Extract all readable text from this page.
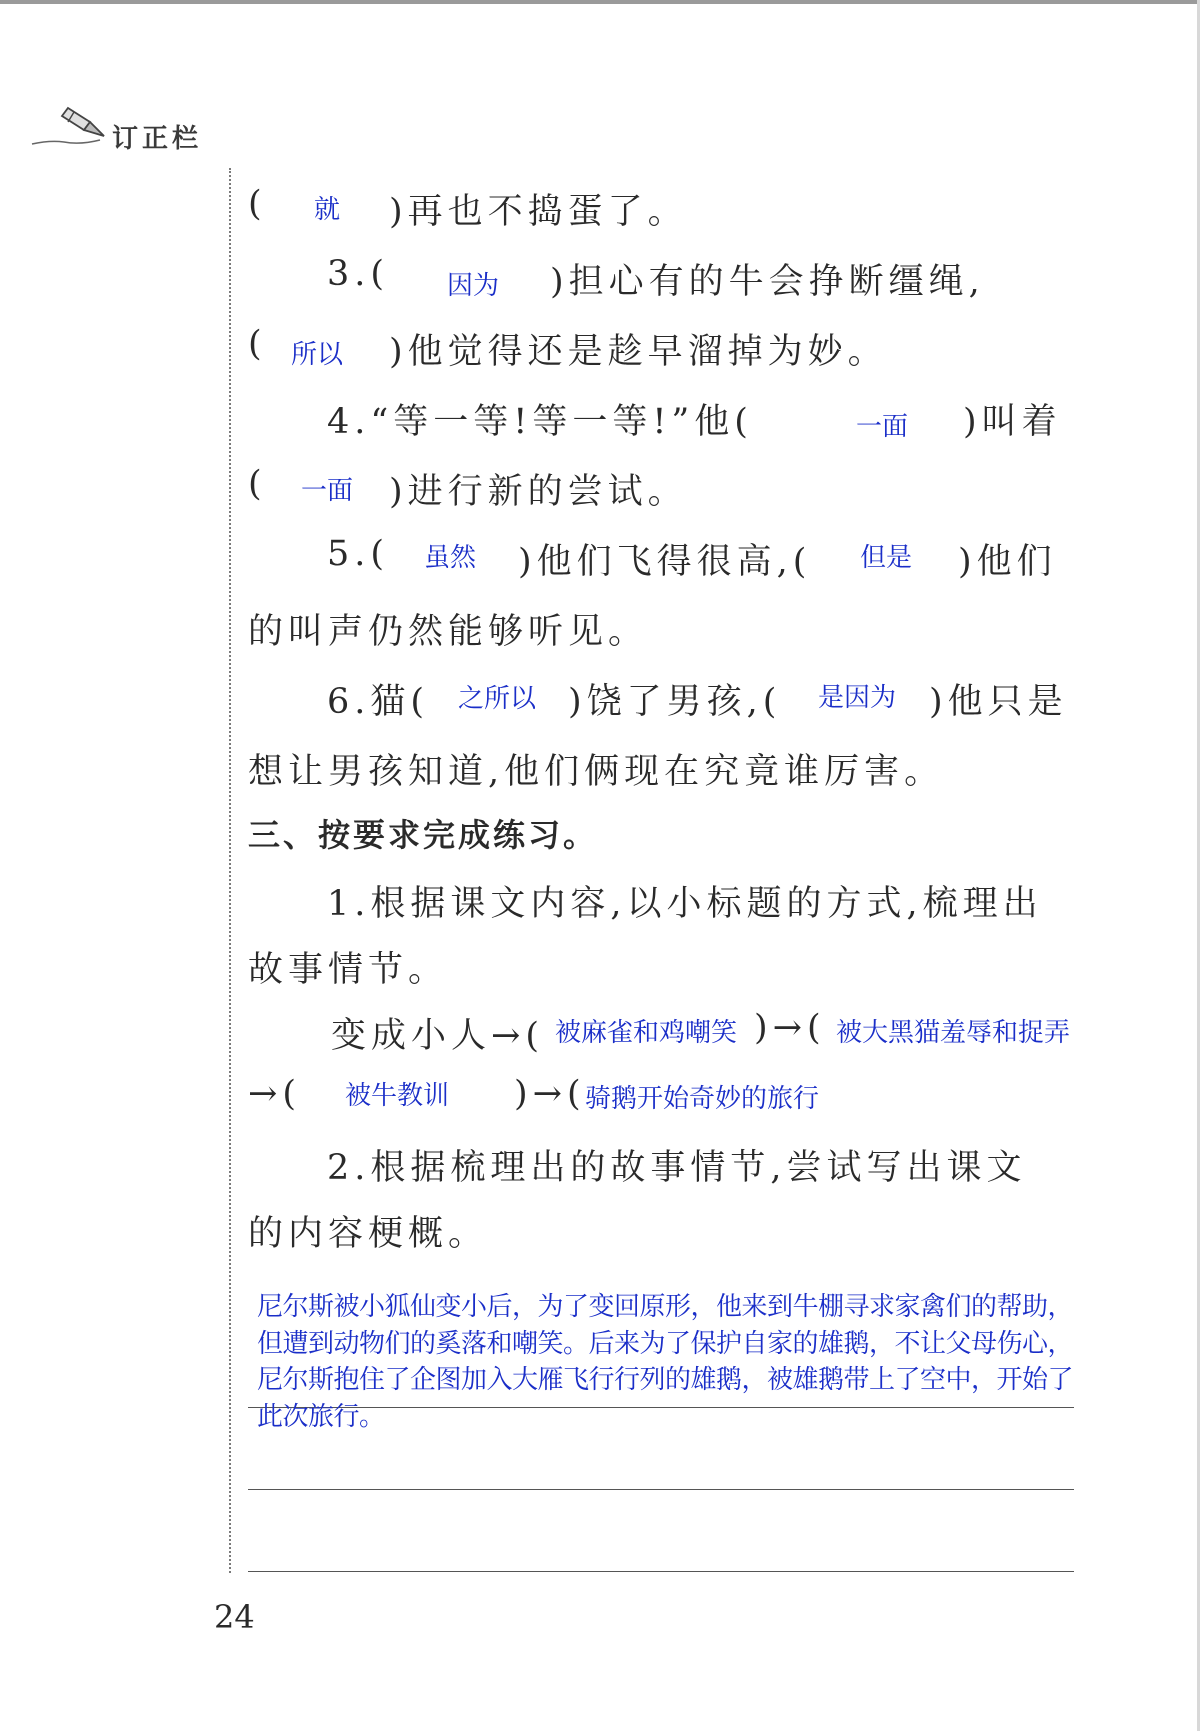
订正栏
( 就 )再也不捣蛋了。
3.( 因为 )担心有的牛会挣断缰绳,
( 所以 )他觉得还是趁早溜掉为妙。
4.“等一等!等一等!”他(	一面 )叫着
( 一面 )进行新的尝试。
5.( 虽然 )他们飞得很高,( 但是 )他们
的叫声仍然能够听见。
6.猫( 之所以 )饶了男孩,( 是因为 )他只是
想让男孩知道,他们俩现在究竟谁厉害。
三、按要求完成练习。
1.根据课文内容,以小标题的方式,梳理出
故事情节。
变成小人→( 被麻雀和鸡嘲笑 )→( 被大黑猫羞辱和捉弄
→( 被牛教训 )→( 骑鹅开始奇妙的旅行
2.根据梳理出的故事情节,尝试写出课文
的内容梗概。
尼尔斯被小狐仙变小后，为了变回原形，他来到牛棚寻求家禽们的帮助，但遭到动物们的奚落和嘲笑。后来为了保护自家的雄鹅，不让父母伤心，尼尔斯抱住了企图加入大雁飞行行列的雄鹅，被雄鹅带上了空中，开始了此次旅行。
24
